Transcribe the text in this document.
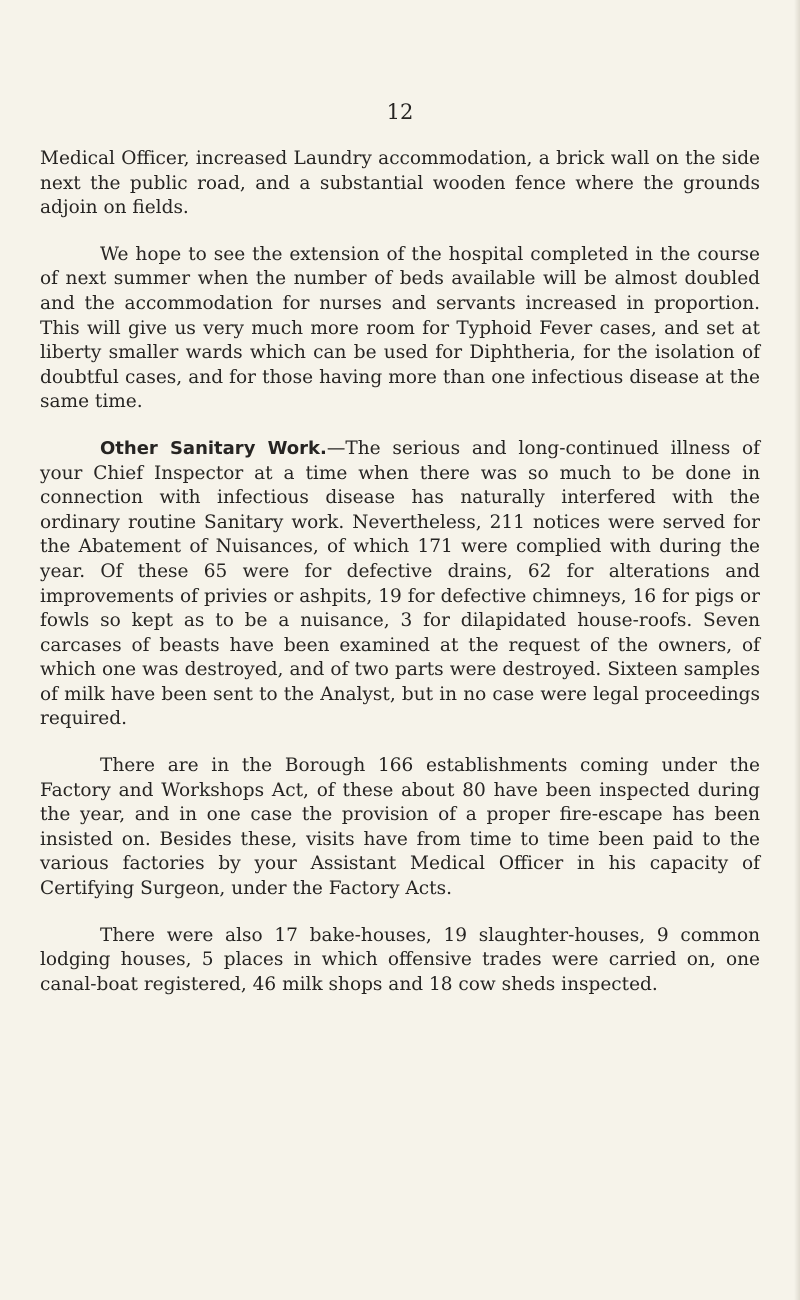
12

Medical Officer, increased Laundry accommodation, a brick wall on the side next the public road, and a substantial wooden fence where the grounds adjoin on fields.

We hope to see the extension of the hospital completed in the course of next summer when the number of beds available will be almost doubled and the accommodation for nurses and servants increased in proportion. This will give us very much more room for Typhoid Fever cases, and set at liberty smaller wards which can be used for Diphtheria, for the isolation of doubtful cases, and for those having more than one infectious disease at the same time.

Other Sanitary Work.—The serious and long-continued illness of your Chief Inspector at a time when there was so much to be done in connection with infectious disease has naturally interfered with the ordinary routine Sanitary work. Nevertheless, 211 notices were served for the Abatement of Nuisances, of which 171 were complied with during the year. Of these 65 were for defective drains, 62 for alterations and improvements of privies or ashpits, 19 for defective chimneys, 16 for pigs or fowls so kept as to be a nuisance, 3 for dilapidated house-roofs. Seven carcases of beasts have been examined at the request of the owners, of which one was destroyed, and of two parts were destroyed. Sixteen samples of milk have been sent to the Analyst, but in no case were legal proceedings required.

There are in the Borough 166 establishments coming under the Factory and Workshops Act, of these about 80 have been inspected during the year, and in one case the provision of a proper fire-escape has been insisted on. Besides these, visits have from time to time been paid to the various factories by your Assistant Medical Officer in his capacity of Certifying Surgeon, under the Factory Acts.

There were also 17 bake-houses, 19 slaughter-houses, 9 common lodging houses, 5 places in which offensive trades were carried on, one canal-boat registered, 46 milk shops and 18 cow sheds inspected.
